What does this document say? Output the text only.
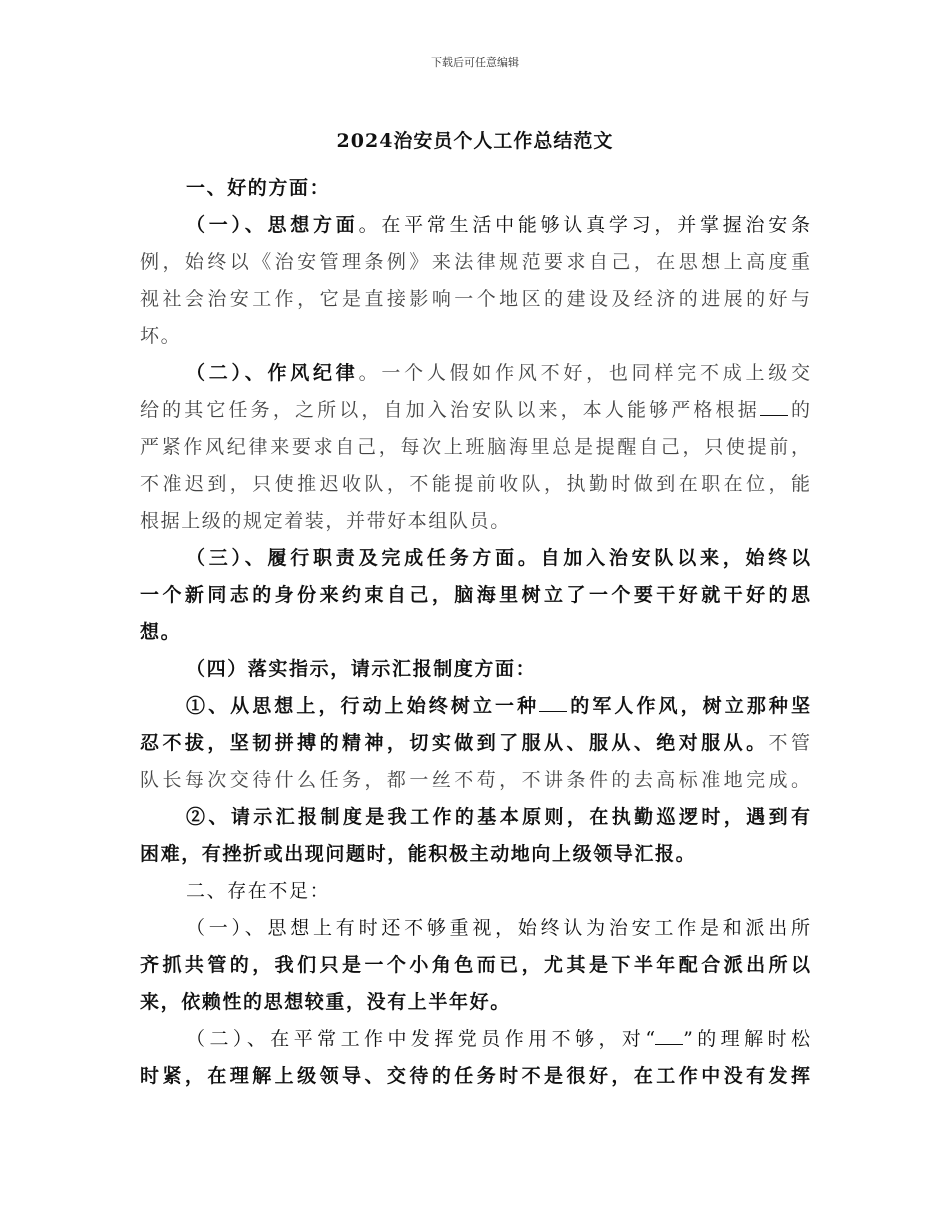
下载后可任意编辑
2024治安员个人工作总结范文
一、好的方面：
（一）、思想方面。在平常生活中能够认真学习，并掌握治安条
例，始终以《治安管理条例》来法律规范要求自己，在思想上高度重
视社会治安工作，它是直接影响一个地区的建设及经济的进展的好与
坏。
（二）、作风纪律。一个人假如作风不好，也同样完不成上级交
给的其它任务，之所以，自加入治安队以来，本人能够严格根据 的
严紧作风纪律来要求自己，每次上班脑海里总是提醒自己，只使提前，
不准迟到，只使推迟收队，不能提前收队，执勤时做到在职在位，能
根据上级的规定着装，并带好本组队员。
（三）、履行职责及完成任务方面。自加入治安队以来，始终以
一个新同志的身份来约束自己，脑海里树立了一个要干好就干好的思
想。
（四）落实指示，请示汇报制度方面：
①、从思想上，行动上始终树立一种 的军人作风，树立那种坚
忍不拔，坚韧拼搏的精神，切实做到了服从、服从、绝对服从。不管
队长每次交待什么任务，都一丝不苟，不讲条件的去高标准地完成。
②、请示汇报制度是我工作的基本原则，在执勤巡逻时，遇到有
困难，有挫折或出现问题时，能积极主动地向上级领导汇报。
二、存在不足：
（一）、思想上有时还不够重视，始终认为治安工作是和派出所
齐抓共管的，我们只是一个小角色而已，尤其是下半年配合派出所以
来，依赖性的思想较重，没有上半年好。
（二）、在平常工作中发挥党员作用不够，对“ ”的理解时松
时紧，在理解上级领导、交待的任务时不是很好，在工作中没有发挥
